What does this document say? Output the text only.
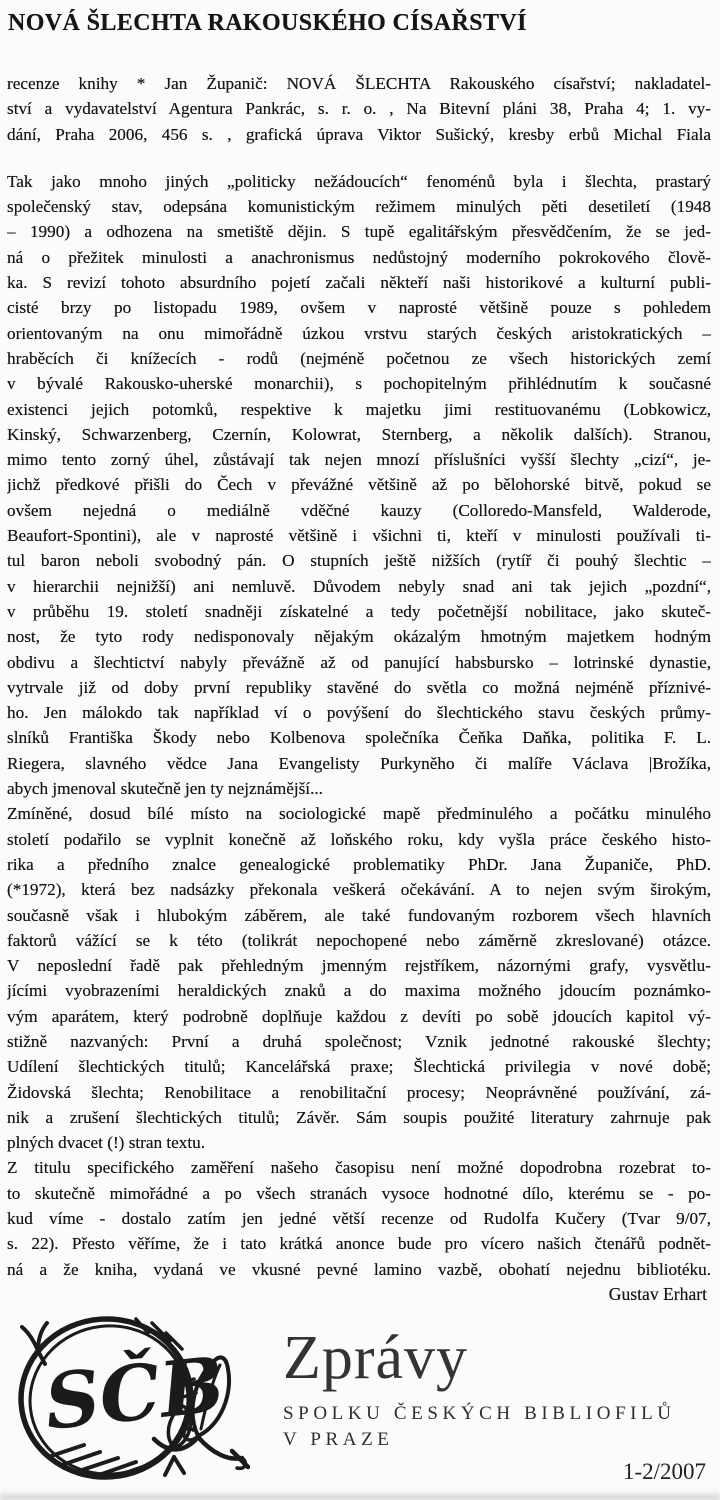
NOVÁ ŠLECHTA RAKOUSKÉHO CÍSAŘSTVÍ
recenze knihy * Jan Županič: NOVÁ ŠLECHTA Rakouského císařství; nakladatel-
ství a vydavatelství Agentura Pankrác, s. r. o. , Na Bitevní pláni 38, Praha 4; 1. vy-
dání, Praha 2006, 456 s. , grafická úprava Viktor Sušický, kresby erbů Michal Fiala
Tak jako mnoho jiných „politicky nežádoucích“ fenoménů byla i šlechta, prastarý
společenský stav, odepsána komunistickým režimem minulých pěti desetiletí (1948
– 1990) a odhozena na smetiště dějin. S tupě egalitářským přesvědčením, že se jed-
ná o přežitek minulosti a anachronismus nedůstojný moderního pokrokového člově-
ka. S revizí tohoto absurdního pojetí začali někteří naši historikové a kulturní publi-
cisté brzy po listopadu 1989, ovšem v naprosté většině pouze s pohledem
orientovaným na onu mimořádně úzkou vrstvu starých českých aristokratických –
hraběcích či knížecích - rodů (nejméně početnou ze všech historických zemí
v bývalé Rakousko-uherské monarchii), s pochopitelným přihlédnutím k současné
existenci jejich potomků, respektive k majetku jimi restituovanému (Lobkowicz,
Kinský, Schwarzenberg, Czernín, Kolowrat, Sternberg, a několik dalších). Stranou,
mimo tento zorný úhel, zůstávají tak nejen mnozí příslušníci vyšší šlechty „cizí“, je-
jichž předkové přišli do Čech v převážné většině až po bělohorské bitvě, pokud se
ovšem nejedná o mediálně vděčné kauzy (Colloredo-Mansfeld, Walderode,
Beaufort-Spontini), ale v naprosté většině i všichni ti, kteří v minulosti používali ti-
tul baron neboli svobodný pán. O stupních ještě nižších (rytíř či pouhý šlechtic –
v hierarchii nejnižší) ani nemluvě. Důvodem nebyly snad ani tak jejich „pozdní“,
v průběhu 19. století snadněji získatelné a tedy početnější nobilitace, jako skuteč-
nost, že tyto rody nedisponovaly nějakým okázalým hmotným majetkem hodným
obdivu a šlechtictví nabyly převážně až od panující habsbursko – lotrinské dynastie,
vytrvale již od doby první republiky stavěné do světla co možná nejméně příznivé-
ho. Jen málokdo tak například ví o povýšení do šlechtického stavu českých průmy-
slníků Františka Škody nebo Kolbenova společníka Čeňka Daňka, politika F. L.
Riegera, slavného vědce Jana Evangelisty Purkyněho či malíře Václava |Brožíka,
abych jmenoval skutečně jen ty nejznámější...
Zmíněné, dosud bílé místo na sociologické mapě předminulého a počátku minulého
století podařilo se vyplnit konečně až loňského roku, kdy vyšla práce českého histo-
rika a předního znalce genealogické problematiky PhDr. Jana Županiče, PhD.
(*1972), která bez nadsázky překonala veškerá očekávání. A to nejen svým širokým,
současně však i hlubokým záběrem, ale také fundovaným rozborem všech hlavních
faktorů vážící se k této (tolikrát nepochopené nebo záměrně zkreslované) otázce.
V neposlední řadě pak přehledným jmenným rejstříkem, názornými grafy, vysvětlu-
jícími vyobrazeními heraldických znaků a do maxima možného jdoucím poznámko-
vým aparátem, který podrobně doplňuje každou z devíti po sobě jdoucích kapitol vý-
stižně nazvaných: První a druhá společnost; Vznik jednotné rakouské šlechty;
Udílení šlechtických titulů; Kancelářská praxe; Šlechtická privilegia v nové době;
Židovská šlechta; Renobilitace a renobilitační procesy; Neoprávněné používání, zá-
nik a zrušení šlechtických titulů; Závěr. Sám soupis použité literatury zahrnuje pak
plných dvacet (!) stran textu.
Z titulu specifického zaměření našeho časopisu není možné dopodrobna rozebrat to-
to skutečně mimořádné a po všech stranách vysoce hodnotné dílo, kterému se - po-
kud víme - dostalo zatím jen jedné větší recenze od Rudolfa Kučery (Tvar 9/07,
s. 22). Přesto věříme, že i tato krátká anonce bude pro vícero našich čtenářů podnět-
ná a že kniha, vydaná ve vkusné pevné lamino vazbě, obohatí nejednu bibliotéku.
Gustav Erhart
SČB Zprávy
SPOLKU ČESKÝCH BIBLIOFILŮ
V PRAZE
1-2/2007
